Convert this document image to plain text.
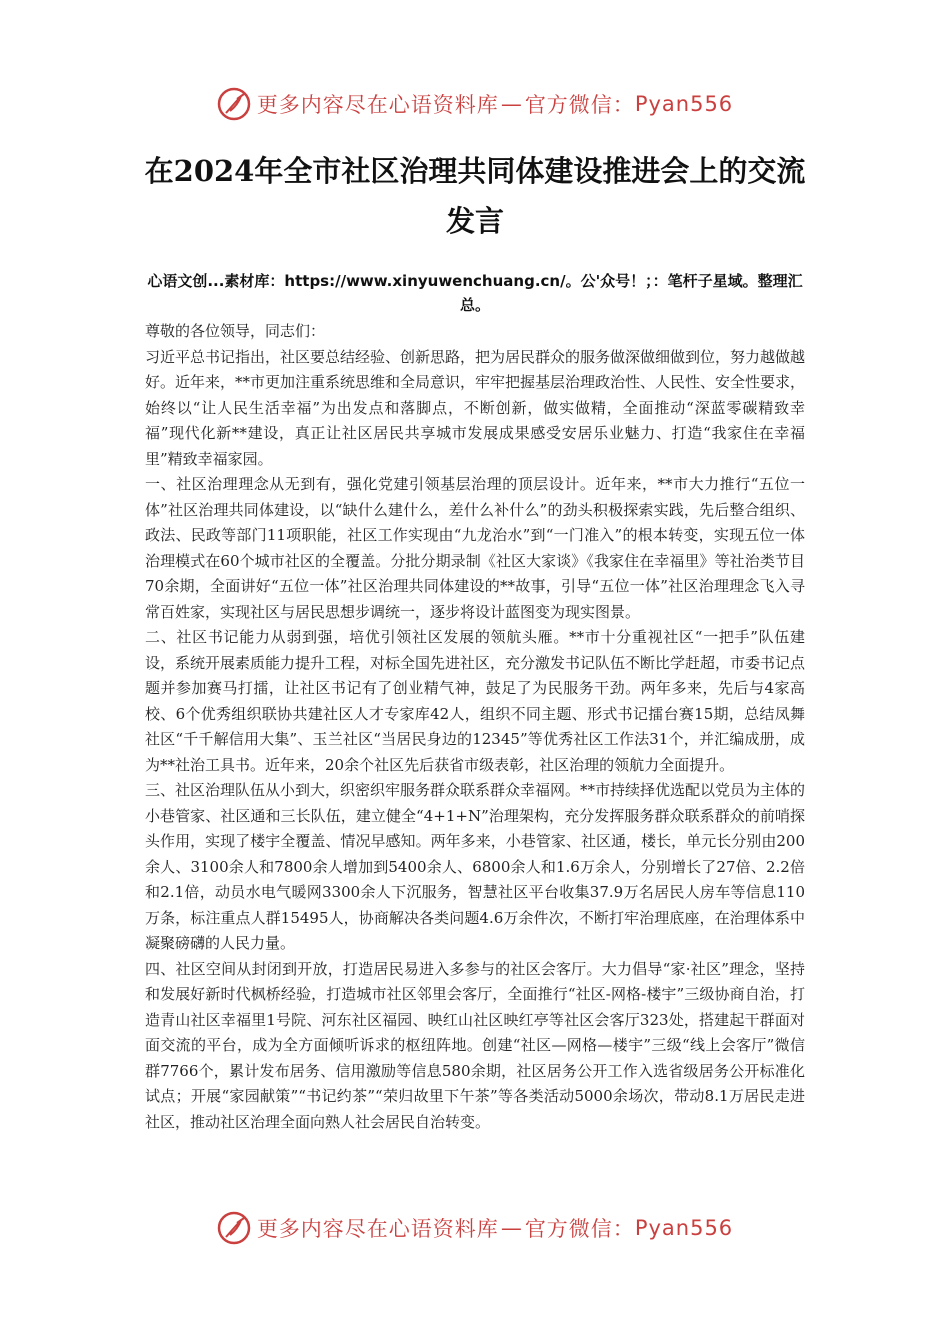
更多内容尽在心语资料库 — 官方微信： Pyan556
在2024年全市社区治理共同体建设推进会上的交流发言
心语文创...素材库：https://www.xinyuwenchuang.cn/。公'众号！；：笔杆子星域。整理汇总。

尊敬的各位领导，同志们：

习近平总书记指出，社区要总结经验、创新思路，把为居民群众的服务做深做细做到位，努力越做越好。近年来，**市更加注重系统思维和全局意识，牢牢把握基层治理政治性、人民性、安全性要求，始终以“让人民生活幸福”为出发点和落脚点，不断创新，做实做精，全面推动“深蓝零碳精致幸福”现代化新**建设，真正让社区居民共享城市发展成果感受安居乐业魅力、打造“我家住在幸福里”精致幸福家园。

一、社区治理理念从无到有，强化党建引领基层治理的顶层设计。近年来，**市大力推行“五位一体”社区治理共同体建设，以“缺什么建什么，差什么补什么”的劲头积极探索实践，先后整合组织、政法、民政等部门11项职能，社区工作实现由“九龙治水”到“一门准入”的根本转变，实现五位一体治理模式在60个城市社区的全覆盖。分批分期录制《社区大家谈》《我家住在幸福里》等社治类节目70余期，全面讲好“五位一体”社区治理共同体建设的**故事，引导“五位一体”社区治理理念飞入寻常百姓家，实现社区与居民思想步调统一，逐步将设计蓝图变为现实图景。

二、社区书记能力从弱到强，培优引领社区发展的领航头雁。**市十分重视社区“一把手”队伍建设，系统开展素质能力提升工程，对标全国先进社区，充分激发书记队伍不断比学赶超，市委书记点题并参加赛马打擂，让社区书记有了创业精气神，鼓足了为民服务干劲。两年多来，先后与4家高校、6个优秀组织联协共建社区人才专家库42人，组织不同主题、形式书记擂台赛15期，总结凤舞社区“千千解信用大集”、玉兰社区“当居民身边的12345”等优秀社区工作法31个，并汇编成册，成为**社治工具书。近年来，20余个社区先后获省市级表彰，社区治理的领航力全面提升。

三、社区治理队伍从小到大，织密织牢服务群众联系群众幸福网。**市持续择优选配以党员为主体的小巷管家、社区通和三长队伍，建立健全“4+1+N”治理架构，充分发挥服务群众联系群众的前哨探头作用，实现了楼宇全覆盖、情况早感知。两年多来，小巷管家、社区通，楼长，单元长分别由200余人、3100余人和7800余人增加到5400余人、6800余人和1.6万余人，分别增长了27倍、2.2倍和2.1倍，动员水电气暖网3300余人下沉服务，智慧社区平台收集37.9万名居民人房车等信息110万条，标注重点人群15495人，协商解决各类问题4.6万余件次，不断打牢治理底座，在治理体系中凝聚磅礴的人民力量。

四、社区空间从封闭到开放，打造居民易进入多参与的社区会客厅。大力倡导“家·社区”理念，坚持和发展好新时代枫桥经验，打造城市社区邻里会客厅，全面推行“社区-网格-楼宇”三级协商自治，打造青山社区幸福里1号院、河东社区福园、映红山社区映红亭等社区会客厅323处，搭建起干群面对面交流的平台，成为全方面倾听诉求的枢纽阵地。创建“社区—网格—楼宇”三级“线上会客厅”微信群7766个，累计发布居务、信用激励等信息580余期，社区居务公开工作入选省级居务公开标准化试点；开展“家园献策”“书记约茶”“荣归故里下午茶”等各类活动5000余场次，带动8.1万居民走进社区，推动社区治理全面向熟人社会居民自治转变。

更多内容尽在心语资料库 — 官方微信： Pyan556
